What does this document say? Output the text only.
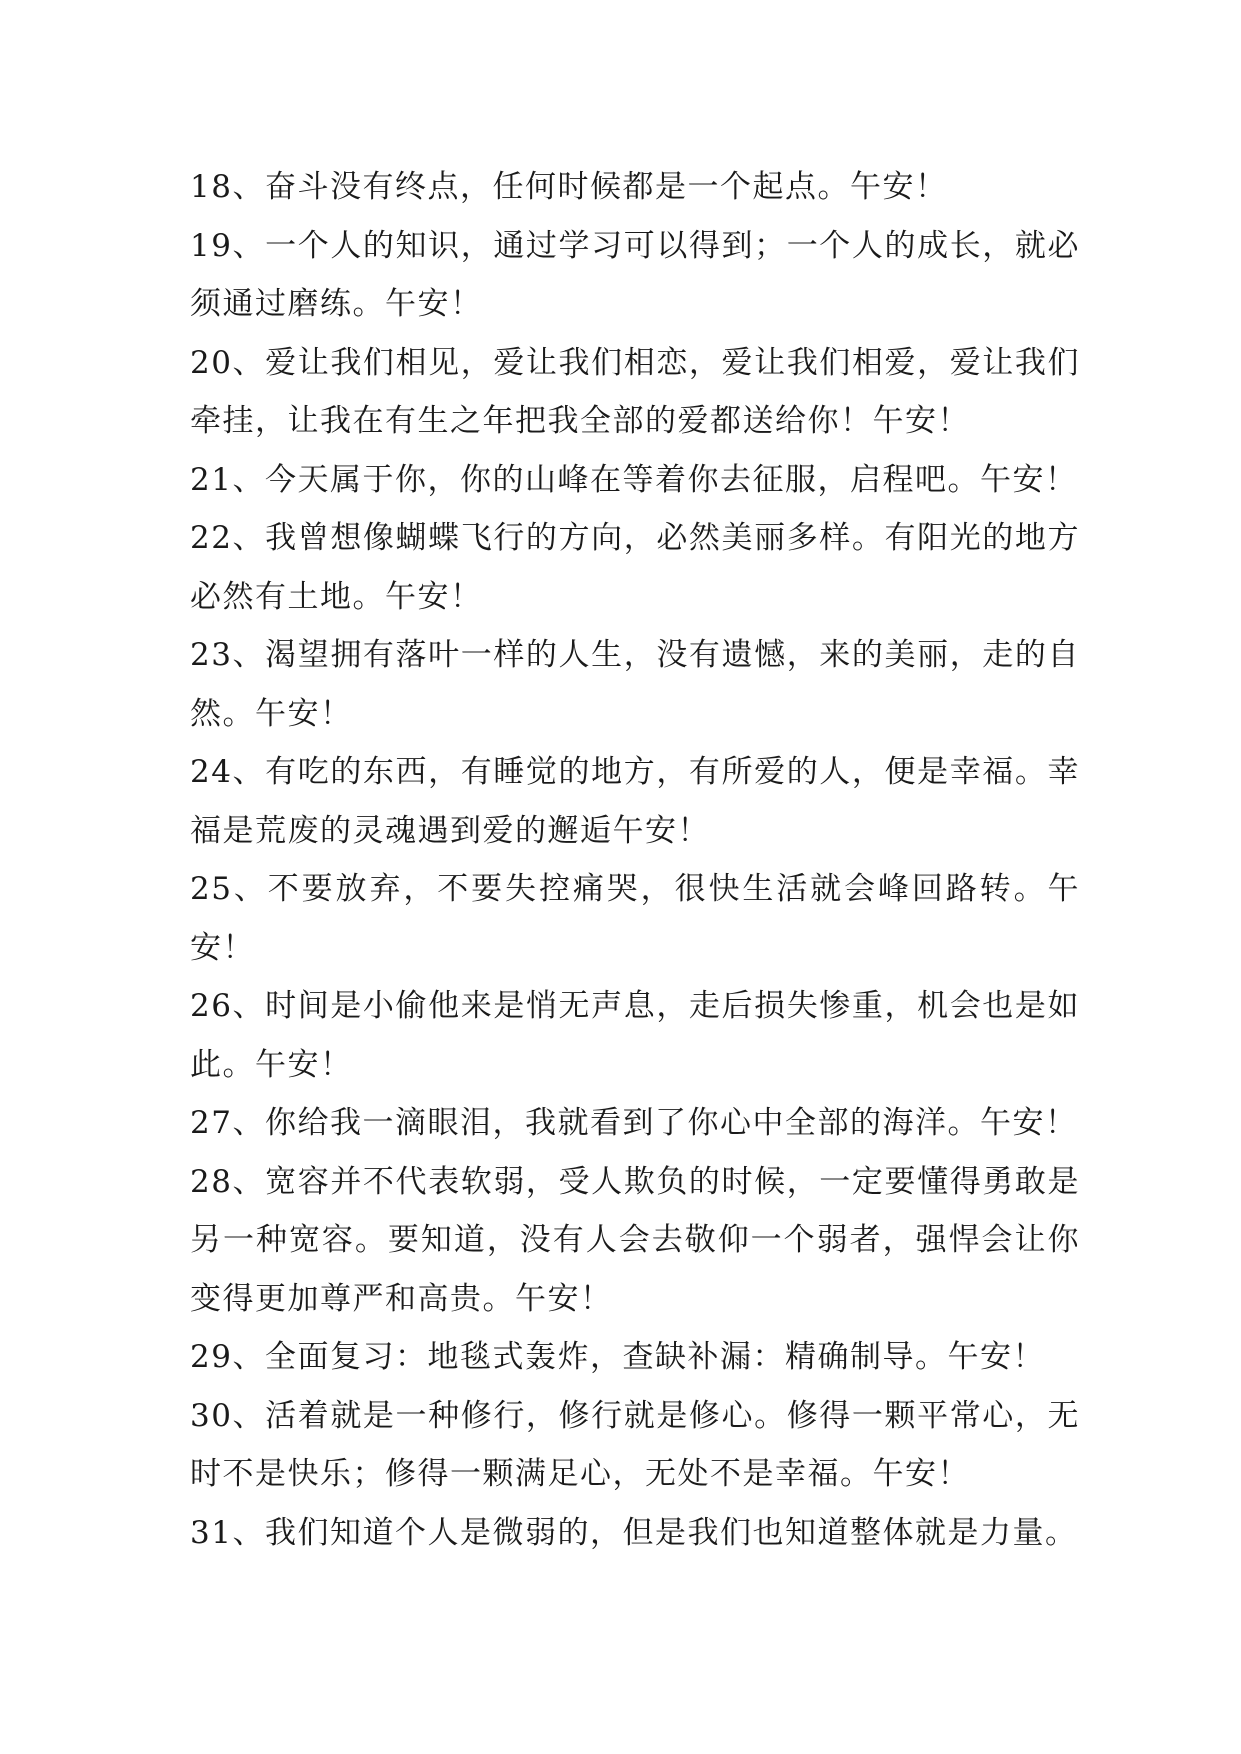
18、奋斗没有终点，任何时候都是一个起点。午安！

19、一个人的知识，通过学习可以得到；一个人的成长，就必须通过磨练。午安！

20、爱让我们相见，爱让我们相恋，爱让我们相爱，爱让我们牵挂，让我在有生之年把我全部的爱都送给你！午安！

21、今天属于你，你的山峰在等着你去征服，启程吧。午安！

22、我曾想像蝴蝶飞行的方向，必然美丽多样。有阳光的地方必然有土地。午安！

23、渴望拥有落叶一样的人生，没有遗憾，来的美丽，走的自然。午安！

24、有吃的东西，有睡觉的地方，有所爱的人，便是幸福。幸福是荒废的灵魂遇到爱的邂逅午安！

25、不要放弃，不要失控痛哭，很快生活就会峰回路转。午安！

26、时间是小偷他来是悄无声息，走后损失惨重，机会也是如此。午安！

27、你给我一滴眼泪，我就看到了你心中全部的海洋。午安！

28、宽容并不代表软弱，受人欺负的时候，一定要懂得勇敢是另一种宽容。要知道，没有人会去敬仰一个弱者，强悍会让你变得更加尊严和高贵。午安！

29、全面复习：地毯式轰炸，查缺补漏：精确制导。午安！

30、活着就是一种修行，修行就是修心。修得一颗平常心，无时不是快乐；修得一颗满足心，无处不是幸福。午安！

31、我们知道个人是微弱的，但是我们也知道整体就是力量。
